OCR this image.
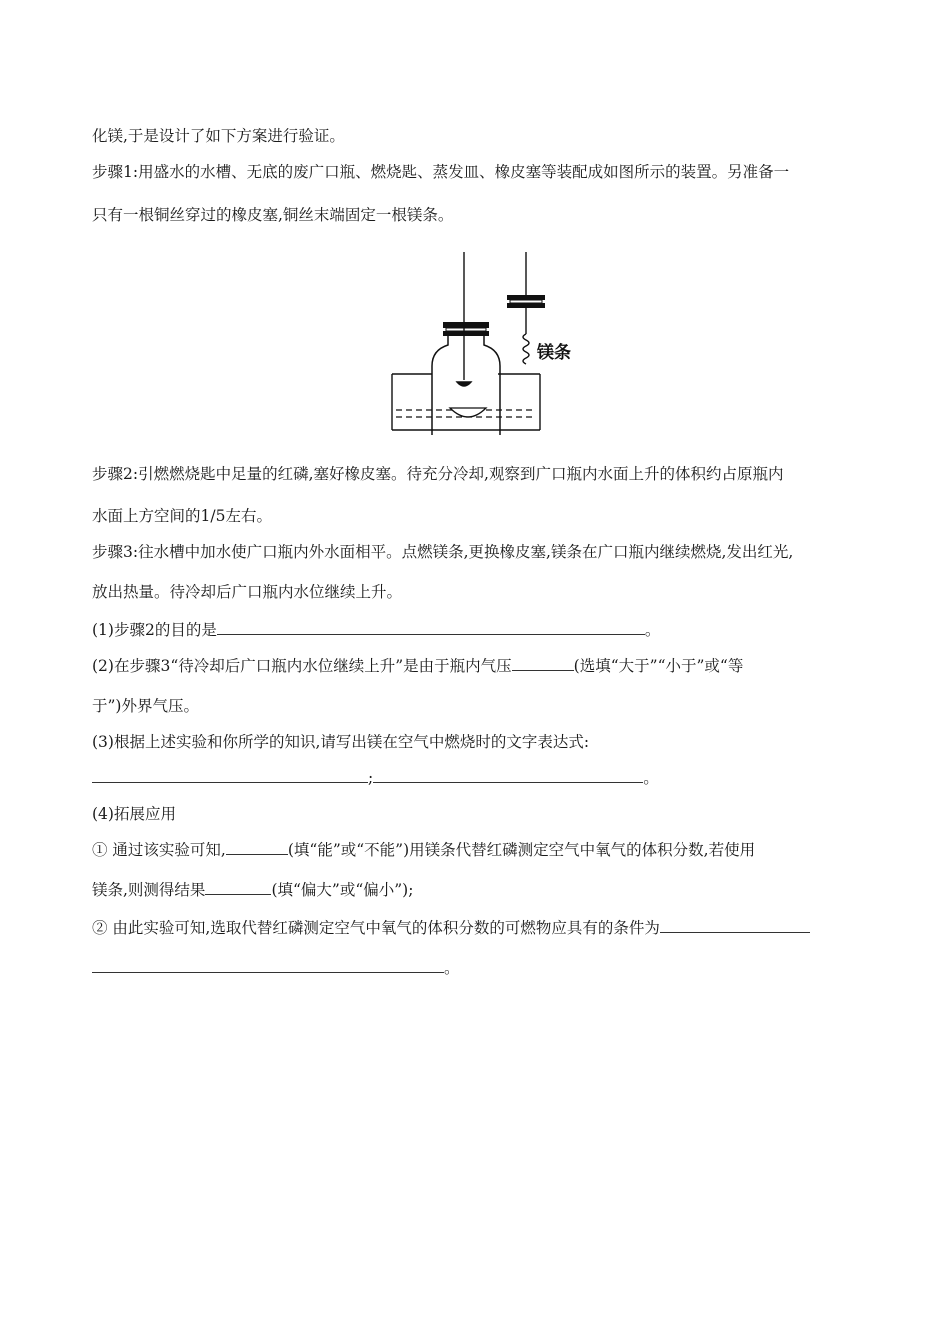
化镁,于是设计了如下方案进行验证。
步骤1:用盛水的水槽、无底的废广口瓶、燃烧匙、蒸发皿、橡皮塞等装配成如图所示的装置。另准备一
只有一根铜丝穿过的橡皮塞,铜丝末端固定一根镁条。
镁条
步骤2:引燃燃烧匙中足量的红磷,塞好橡皮塞。待充分冷却,观察到广口瓶内水面上升的体积约占原瓶内
水面上方空间的1/5左右。
步骤3:往水槽中加水使广口瓶内外水面相平。点燃镁条,更换橡皮塞,镁条在广口瓶内继续燃烧,发出红光,
放出热量。待冷却后广口瓶内水位继续上升。
(1)步骤2的目的是	。
(2)在步骤3“待冷却后广口瓶内水位继续上升”是由于瓶内气压	(选填“大于”“小于”或“等
于”)外界气压。
(3)根据上述实验和你所学的知识,请写出镁在空气中燃烧时的文字表达式:
;	。
(4)拓展应用
① 通过该实验可知,	(填“能”或“不能”)用镁条代替红磷测定空气中氧气的体积分数,若使用
镁条,则测得结果	(填“偏大”或“偏小”);
② 由此实验可知,选取代替红磷测定空气中氧气的体积分数的可燃物应具有的条件为
。
